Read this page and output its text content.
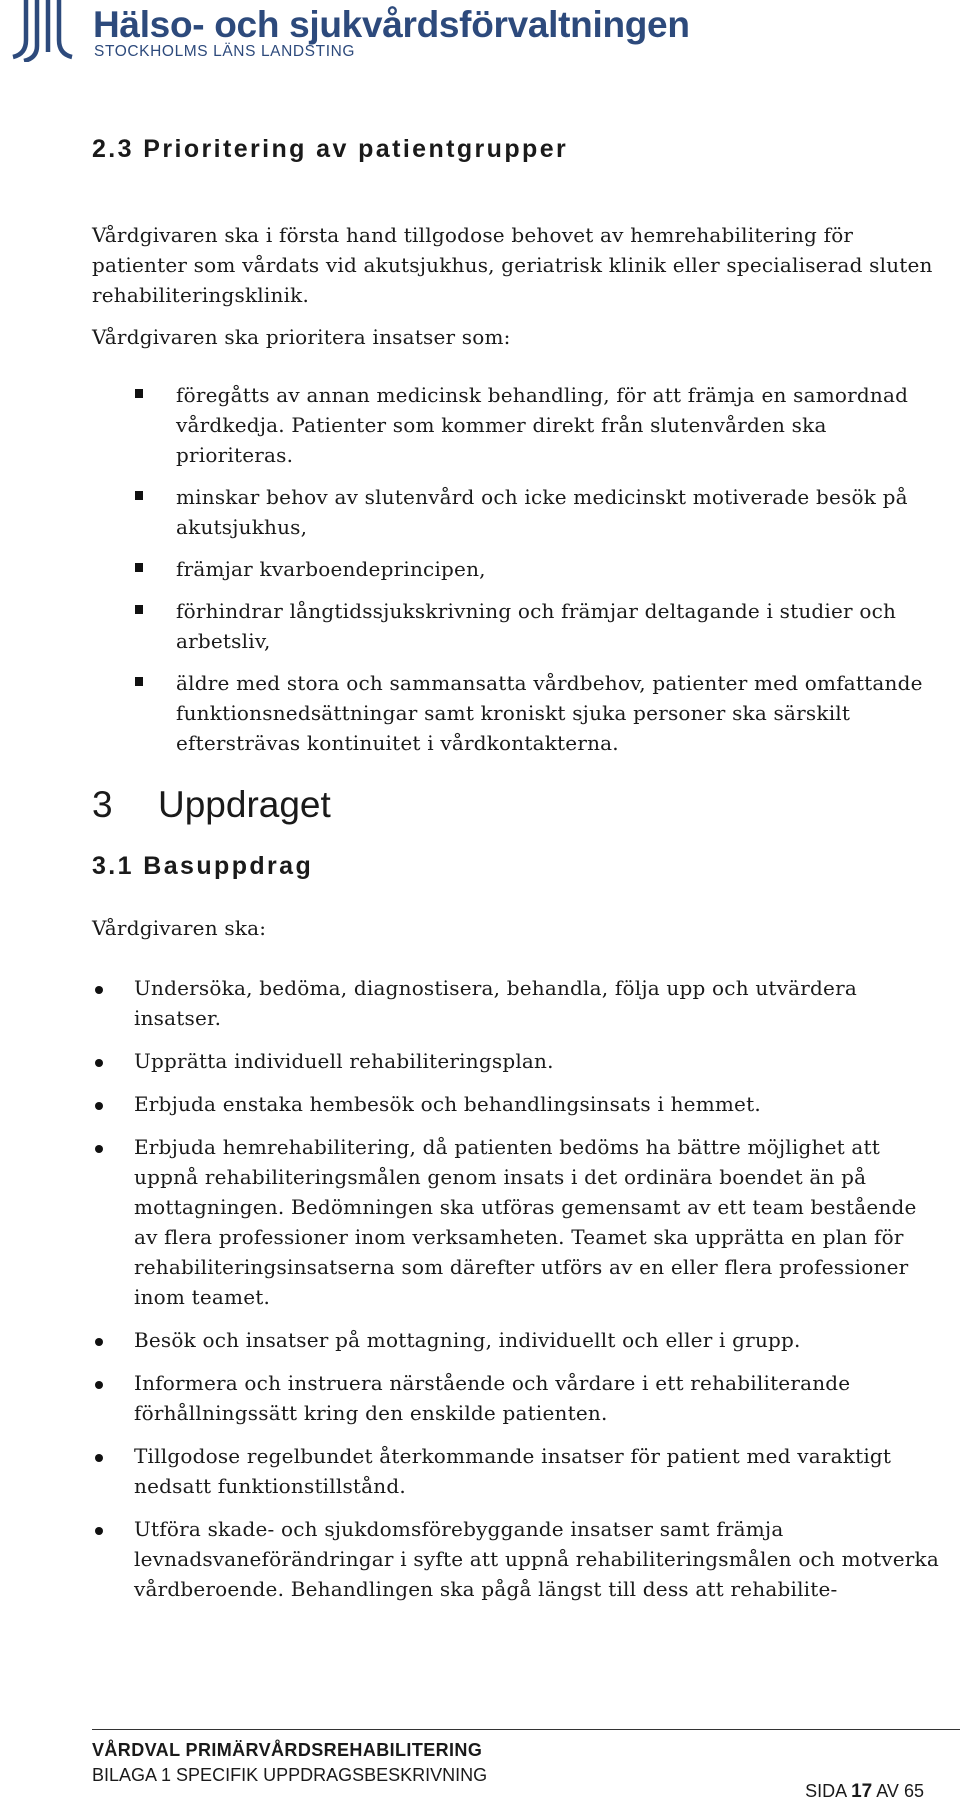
Hälso- och sjukvårdsförvaltningen
STOCKHOLMS LÄNS LANDSTING
2.3 Prioritering av patientgrupper

Vårdgivaren ska i första hand tillgodose behovet av hemrehabilitering för patienter som vårdats vid akutsjukhus, geriatrisk klinik eller specialiserad sluten rehabiliteringsklinik.

Vårdgivaren ska prioritera insatser som:

föregåtts av annan medicinsk behandling, för att främja en samordnad vårdkedja. Patienter som kommer direkt från slutenvården ska prioriteras.
minskar behov av slutenvård och icke medicinskt motiverade besök på akutsjukhus,
främjar kvarboendeprincipen,
förhindrar långtidssjukskrivning och främjar deltagande i studier och arbetsliv,
äldre med stora och sammansatta vårdbehov, patienter med omfattande funktionsnedsättningar samt kroniskt sjuka personer ska särskilt eftersträvas kontinuitet i vårdkontakterna.
3 Uppdraget
3.1 Basuppdrag

Vårdgivaren ska:

Undersöka, bedöma, diagnostisera, behandla, följa upp och utvärdera insatser.
Upprätta individuell rehabiliteringsplan.
Erbjuda enstaka hembesök och behandlingsinsats i hemmet.
Erbjuda hemrehabilitering, då patienten bedöms ha bättre möjlighet att uppnå rehabiliteringsmålen genom insats i det ordinära boendet än på mottagningen. Bedömningen ska utföras gemensamt av ett team bestående av flera professioner inom verksamheten. Teamet ska upprätta en plan för rehabiliteringsinsatserna som därefter utförs av en eller flera professioner inom teamet.
Besök och insatser på mottagning, individuellt och eller i grupp.
Informera och instruera närstående och vårdare i ett rehabiliterande förhållningssätt kring den enskilde patienten.
Tillgodose regelbundet återkommande insatser för patient med varaktigt nedsatt funktionstillstånd.
Utföra skade- och sjukdomsförebyggande insatser samt främja levnadsvaneförändringar i syfte att uppnå rehabiliteringsmålen och motverka vårdberoende. Behandlingen ska pågå längst till dess att rehabilite-
VÅRDVAL PRIMÄRVÅRDSREHABILITERING
BILAGA 1 SPECIFIK UPPDRAGSBESKRIVNING
SIDA 17 AV 65
